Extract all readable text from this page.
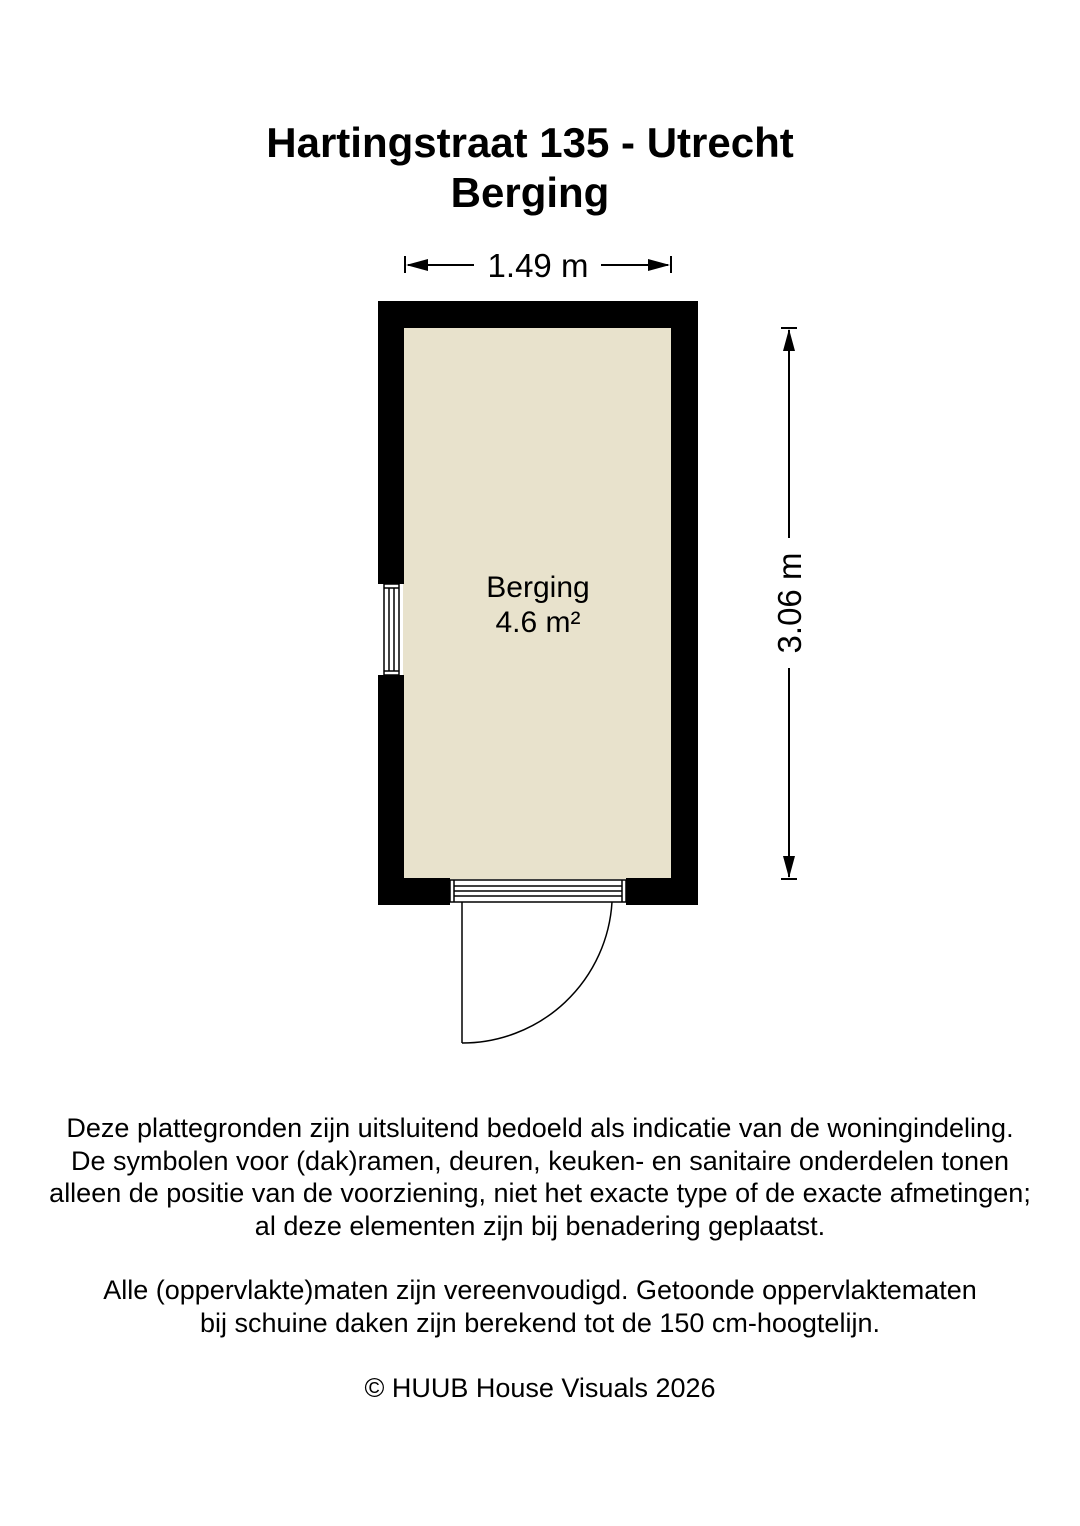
Hartingstraat 135 - Utrecht
Berging
1.49 m
Berging
4.6 m²	3.06 m
Deze plattegronden zijn uitsluitend bedoeld als indicatie van de woningindeling.
De symbolen voor (dak)ramen, deuren, keuken- en sanitaire onderdelen tonen
alleen de positie van de voorziening, niet het exacte type of de exacte afmetingen;
al deze elementen zijn bij benadering geplaatst.
Alle (oppervlakte)maten zijn vereenvoudigd. Getoonde oppervlaktematen
bij schuine daken zijn berekend tot de 150 cm-hoogtelijn.
© HUUB House Visuals 2026
